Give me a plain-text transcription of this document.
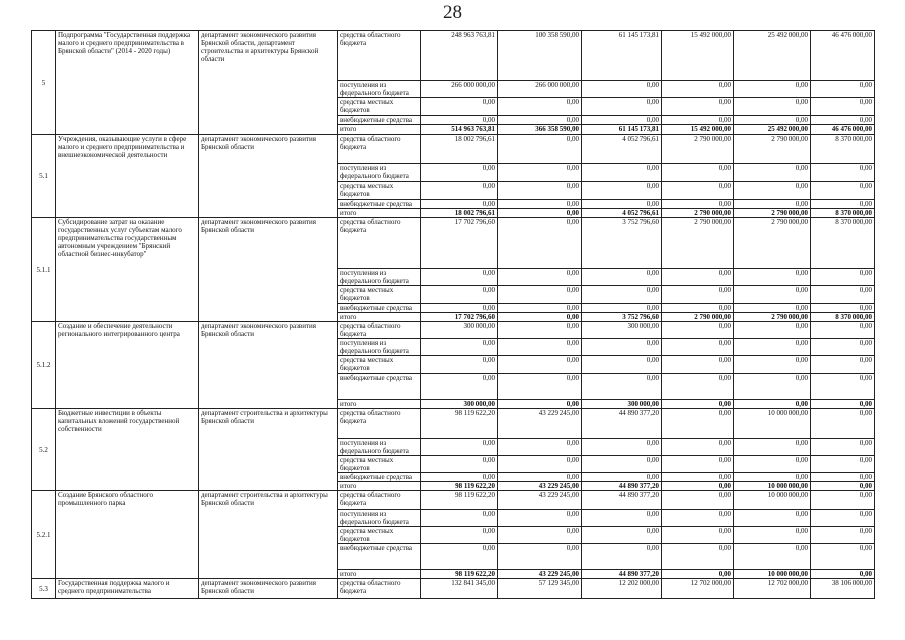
28
5	Подпрограмма "Государственная поддержка малого и среднего предпринимательства в Брянской области" (2014 - 2020 годы)	департамент экономического развития Брянской области, департамент строительства и архитектуры Брянской области	средства областного бюджета	248 963 763,81	100 358 590,00	61 145 173,81	15 492 000,00	25 492 000,00	46 476 000,00
			поступления из федерального бюджета	266 000 000,00	266 000 000,00	0,00	0,00	0,00	0,00
			средства местных бюджетов	0,00	0,00	0,00	0,00	0,00	0,00
			внебюджетные средства	0,00	0,00	0,00	0,00	0,00	0,00
			итого	514 963 763,81	366 358 590,00	61 145 173,81	15 492 000,00	25 492 000,00	46 476 000,00
5.1	Учреждения, оказывающие услуги в сфере малого и среднего предпринимательства и внешнеэкономической деятельности	департамент экономического развития Брянской области	средства областного бюджета	18 002 796,61	0,00	4 052 796,61	2 790 000,00	2 790 000,00	8 370 000,00
			поступления из федерального бюджета	0,00	0,00	0,00	0,00	0,00	0,00
			средства местных бюджетов	0,00	0,00	0,00	0,00	0,00	0,00
			внебюджетные средства	0,00	0,00	0,00	0,00	0,00	0,00
			итого	18 002 796,61	0,00	4 052 796,61	2 790 000,00	2 790 000,00	8 370 000,00
5.1.1	Субсидирование затрат на оказание государственных услуг субъектам малого предпринимательства государственным автономным учреждением "Брянский областной бизнес-инкубатор"	департамент экономического развития Брянской области	средства областного бюджета	17 702 796,60	0,00	3 752 796,60	2 790 000,00	2 790 000,00	8 370 000,00
			поступления из федерального бюджета	0,00	0,00	0,00	0,00	0,00	0,00
			средства местных бюджетов	0,00	0,00	0,00	0,00	0,00	0,00
			внебюджетные средства	0,00	0,00	0,00	0,00	0,00	0,00
			итого	17 702 796,60	0,00	3 752 796,60	2 790 000,00	2 790 000,00	8 370 000,00
5.1.2	Создание и обеспечение деятельности регионального интегрированного центра	департамент экономического развития Брянской области	средства областного бюджета	300 000,00	0,00	300 000,00	0,00	0,00	0,00
			поступления из федерального бюджета	0,00	0,00	0,00	0,00	0,00	0,00
			средства местных бюджетов	0,00	0,00	0,00	0,00	0,00	0,00
			внебюджетные средства	0,00	0,00	0,00	0,00	0,00	0,00
			итого	300 000,00	0,00	300 000,00	0,00	0,00	0,00
5.2	Бюджетные инвестиции в объекты капитальных вложений государственной собственности	департамент строительства и архитектуры Брянской области	средства областного бюджета	98 119 622,20	43 229 245,00	44 890 377,20	0,00	10 000 000,00	0,00
			поступления из федерального бюджета	0,00	0,00	0,00	0,00	0,00	0,00
			средства местных бюджетов	0,00	0,00	0,00	0,00	0,00	0,00
			внебюджетные средства	0,00	0,00	0,00	0,00	0,00	0,00
			итого	98 119 622,20	43 229 245,00	44 890 377,20	0,00	10 000 000,00	0,00
5.2.1	Создание Брянского областного промышленного парка	департамент строительства и архитектуры Брянской области	средства областного бюджета	98 119 622,20	43 229 245,00	44 890 377,20	0,00	10 000 000,00	0,00
			поступления из федерального бюджета	0,00	0,00	0,00	0,00	0,00	0,00
			средства местных бюджетов	0,00	0,00	0,00	0,00	0,00	0,00
			внебюджетные средства	0,00	0,00	0,00	0,00	0,00	0,00
			итого	98 119 622,20	43 229 245,00	44 890 377,20	0,00	10 000 000,00	0,00
5.3	Государственная поддержка малого и среднего предпринимательства	департамент экономического развития Брянской области	средства областного бюджета	132 841 345,00	57 129 345,00	12 202 000,00	12 702 000,00	12 702 000,00	38 106 000,00
